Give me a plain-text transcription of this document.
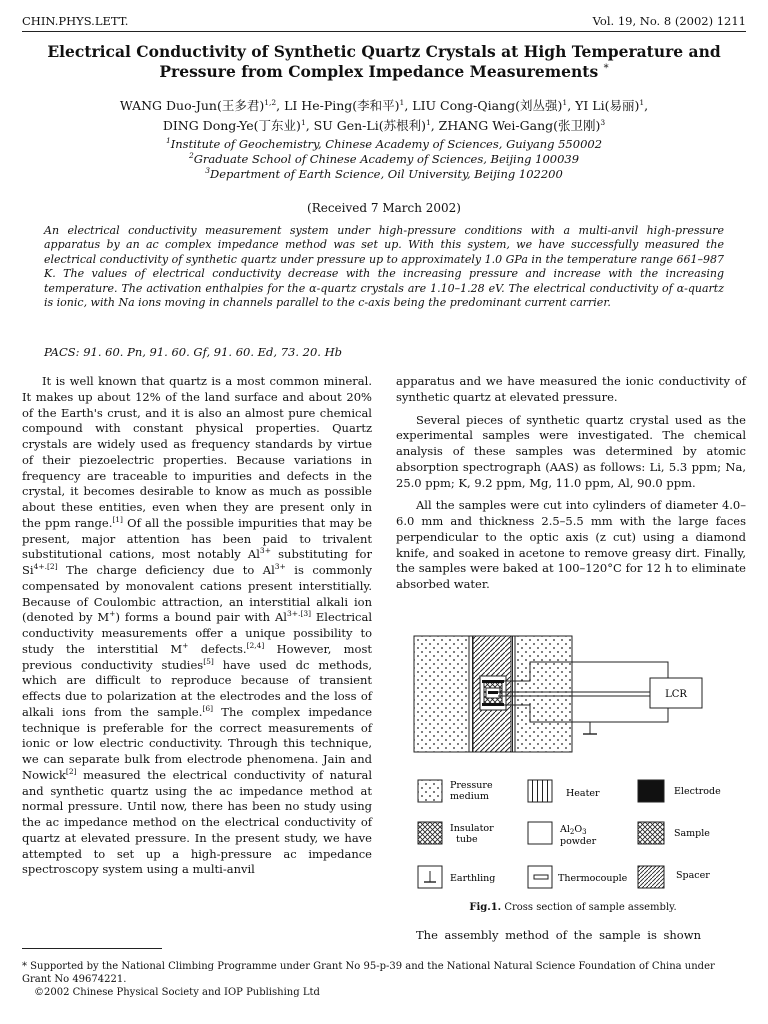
CHIN.PHYS.LETT.	Vol. 19, No. 8 (2002) 1211
Electrical Conductivity of Synthetic Quartz Crystals at High Temperature and
Pressure from Complex Impedance Measurements *
WANG Duo-Jun(王多君)$^{1,2}$, LI He-Ping(李和平)$^1$, LIU Cong-Qiang(刘丛强)$^1$, YI Li(易丽)$^1$,
DING Dong-Ye(丁东业)$^1$, SU Gen-Li(苏根利)$^1$, ZHANG Wei-Gang(张卫刚)$^3$
$^1$Institute of Geochemistry, Chinese Academy of Sciences, Guiyang 550002
$^2$Graduate School of Chinese Academy of Sciences, Beijing 100039
$^3$Department of Earth Science, Oil University, Beijing 102200
(Received 7 March 2002)
An electrical conductivity measurement system under high-pressure conditions with a multi-anvil high-pressure apparatus by an ac complex impedance method was set up. With this system, we have successfully measured the electrical conductivity of synthetic quartz under pressure up to approximately 1.0 GPa in the temperature range 661–987 K. The values of electrical conductivity decrease with the increasing pressure and increase with the increasing temperature. The activation enthalpies for the α-quartz crystals are 1.10–1.28 eV. The electrical conductivity of α-quartz is ionic, with Na ions moving in channels parallel to the c-axis being the predominant current carrier.
PACS: 91. 60. Pn, 91. 60. Gf, 91. 60. Ed, 73. 20. Hb

It is well known that quartz is a most common mineral. It makes up about 12% of the land surface and about 20% of the Earth's crust, and it is also an almost pure chemical compound with constant physical properties. Quartz crystals are widely used as frequency standards by virtue of their piezoelectric properties. Because variations in frequency are traceable to impurities and defects in the crystal, it becomes desirable to know as much as possible about these entities, even when they are present only in the ppm range.[1] Of all the possible impurities that may be present, major attention has been paid to trivalent substitutional cations, most notably $Al^{3+}$ substituting for $Si^{4+.[2]}$ The charge deficiency due to $Al^{3+}$ is commonly compensated by monovalent cations present interstitially. Because of Coulombic attraction, an interstitial alkali ion (denoted by M+) forms a bound pair with $Al^{3+.[3]}$ Electrical conductivity measurements offer a unique possibility to study the interstitial M+ defects.[2,4] However, most previous conductivity studies[5] have used dc methods, which are difficult to reproduce because of transient effects due to polarization at the electrodes and the loss of alkali ions from the sample.[6] The complex impedance technique is preferable for the correct measurements of ionic or low electric conductivity. Through this technique, we can separate bulk from electrode phenomena. Jain and Nowick[2] measured the electrical conductivity of natural and synthetic quartz using the ac impedance method at normal pressure. Until now, there has been no study using the ac impedance method on the electrical conductivity of quartz at elevated pressure. In the present study, we have attempted to set up a high-pressure ac impedance spectroscopy system using a multi-anvil

apparatus and we have measured the ionic conductivity of synthetic quartz at elevated pressure.

Several pieces of synthetic quartz crystal used as the experimental samples were investigated. The chemical analysis of these samples was determined by atomic absorption spectrograph (AAS) as follows: Li, 5.3 ppm; Na, 25.0 ppm; K, 9.2 ppm, Mg, 11.0 ppm, Al, 90.0 ppm.

All the samples were cut into cylinders of diameter 4.0–6.0 mm and thickness 2.5–5.5 mm with the large faces perpendicular to the optic axis (z cut) using a diamond knife, and soaked in acetone to remove greasy dirt. Finally, the samples were baked at 100–120°C for 12 h to eliminate absorbed water.

LCR
Pressure
medium	Heater	Electrode
Insulator
tube
$Al_2O_3$
powder
Sample
Earthling	Thermocouple	Spacer
Fig.1. Cross section of sample assembly.
The assembly method of the sample is shown
* Supported by the National Climbing Programme under Grant No 95-p-39 and the National Natural Science Foundation of China under Grant No 49674221.
©2002 Chinese Physical Society and IOP Publishing Ltd
